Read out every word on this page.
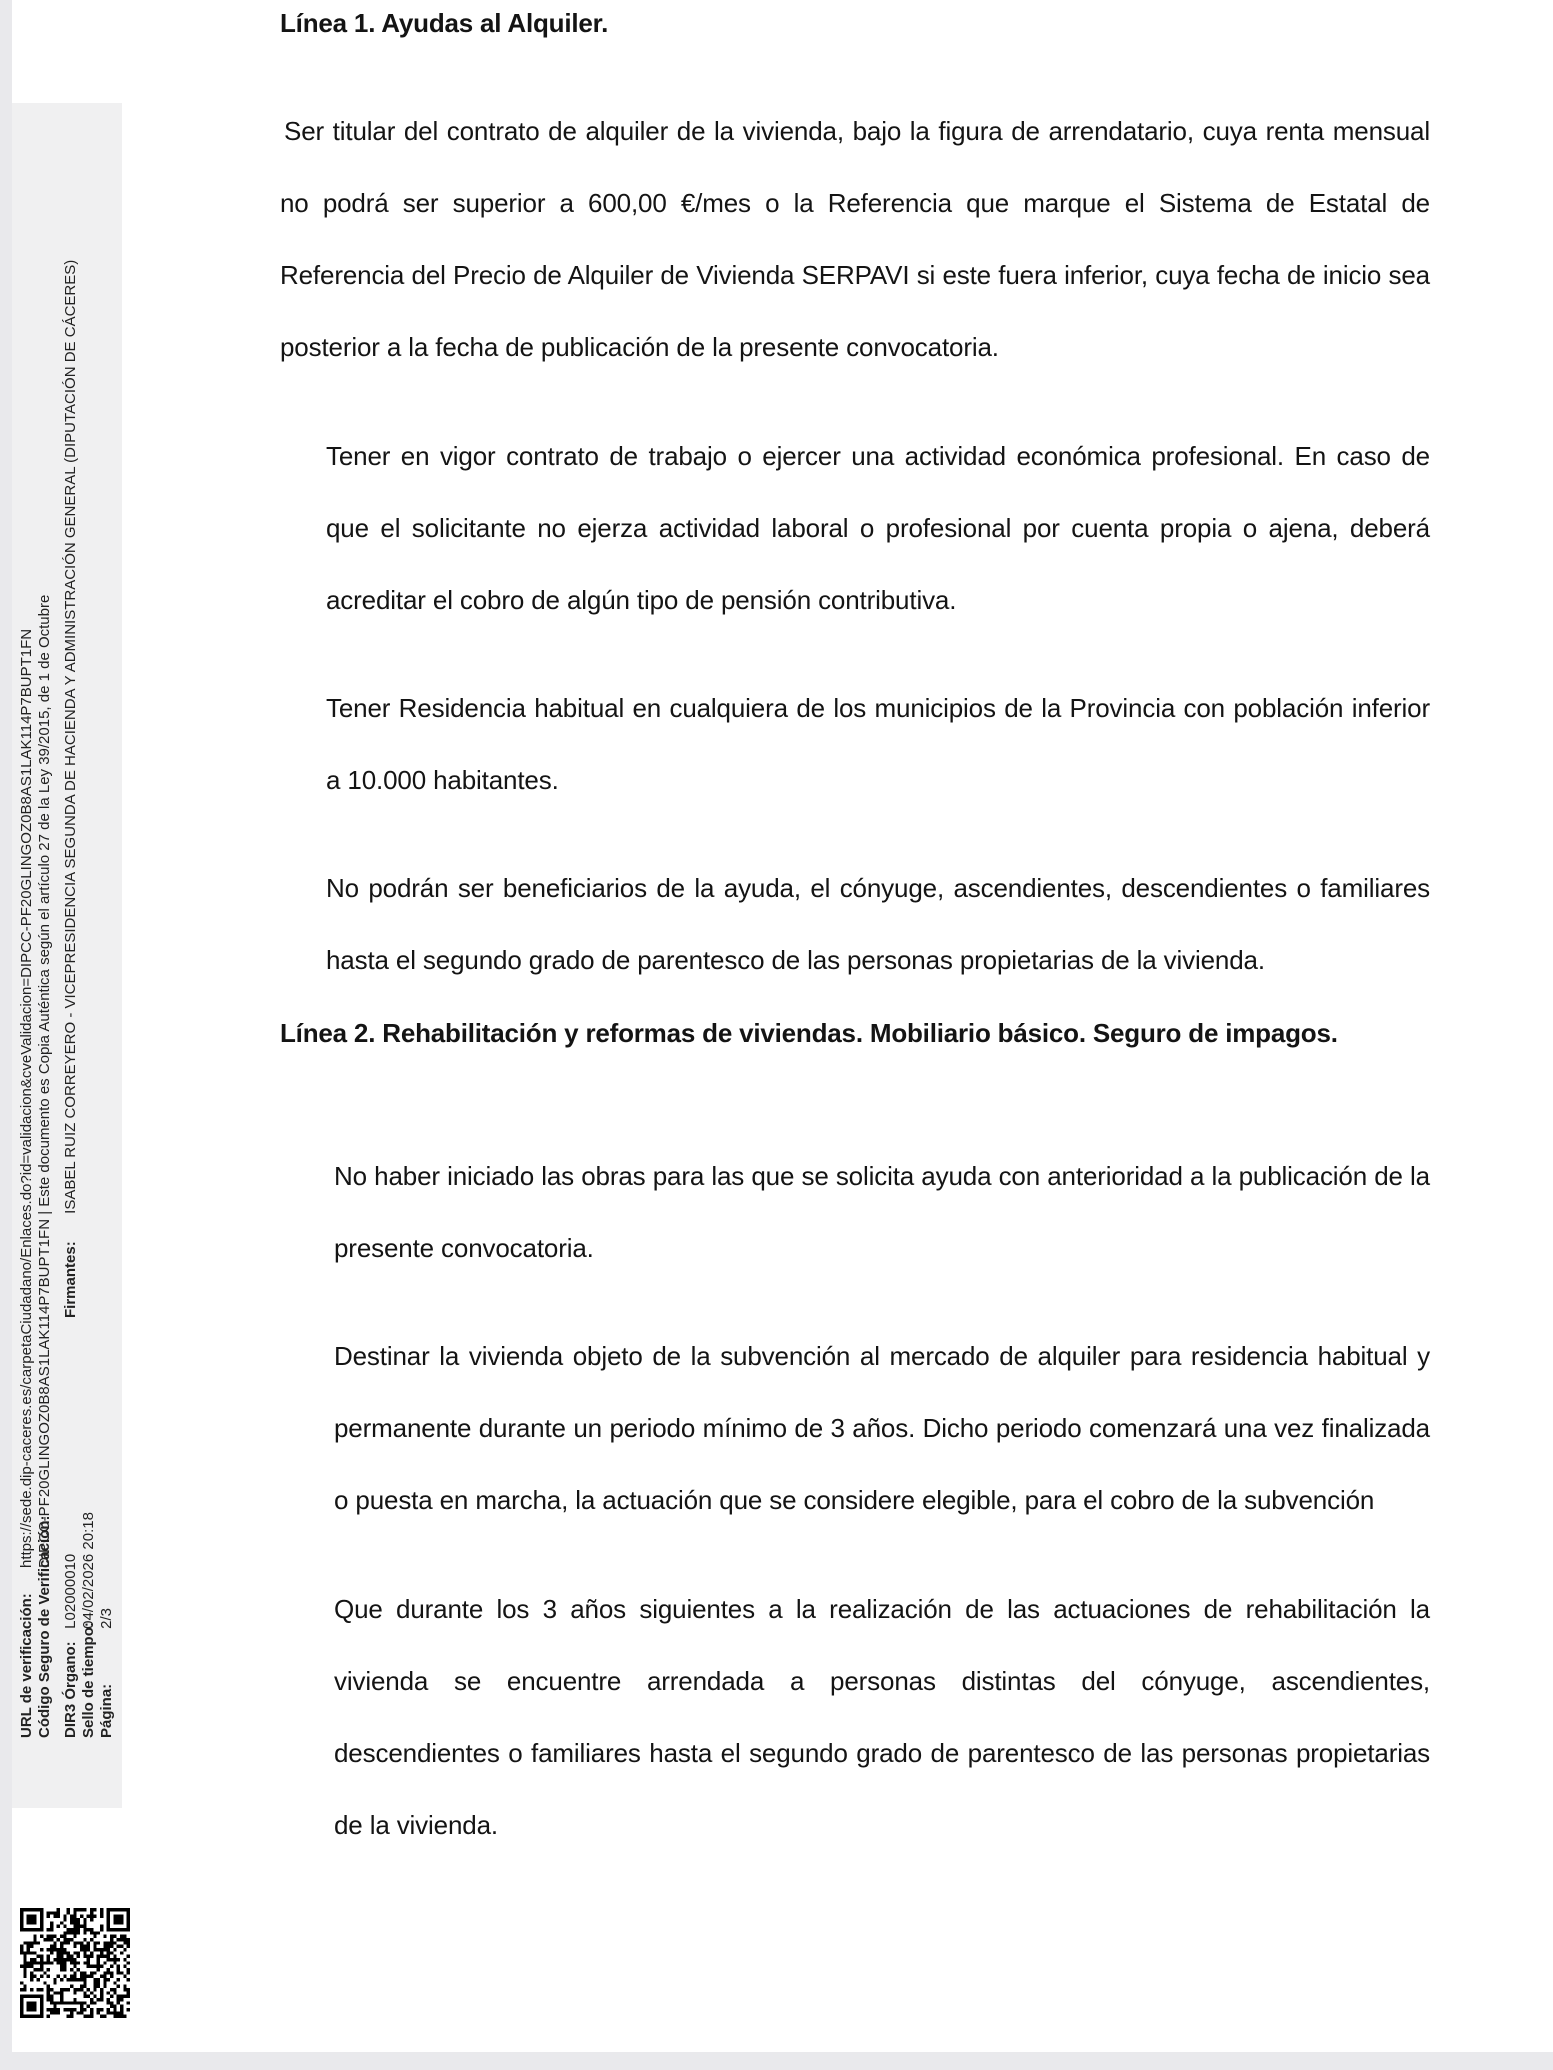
URL de verificación:
https://sede.dip-caceres.es/carpetaCiudadano/Enlaces.do?id=validacion&cveValidacion=DIPCC-PF20GLINGOZ0B8AS1LAK114P7BUPT1FN
Código Seguro de Verificación:
DIPCC-PF20GLINGOZ0B8AS1LAK114P7BUPT1FN | Este documento es Copia Auténtica según el artículo 27 de la Ley 39/2015, de 1 de Octubre
DIR3 Órgano: L02000010
Sello de tiempo: 04/02/2026 20:18
Página: 2/3
Firmantes: ISABEL RUIZ CORREYERO - VICEPRESIDENCIA SEGUNDA DE HACIENDA Y ADMINISTRACIÓN GENERAL (DIPUTACIÓN DE CÁCERES)
Línea 1. Ayudas al Alquiler.

Ser titular del contrato de alquiler de la vivienda, bajo la figura de arrendatario, cuya renta mensual no podrá ser superior a 600,00 €/mes o la Referencia que marque el Sistema de Estatal de Referencia del Precio de Alquiler de Vivienda SERPAVI si este fuera inferior, cuya fecha de inicio sea posterior a la fecha de publicación de la presente convocatoria.

Tener en vigor contrato de trabajo o ejercer una actividad económica profesional. En caso de que el solicitante no ejerza actividad laboral o profesional por cuenta propia o ajena, deberá acreditar el cobro de algún tipo de pensión contributiva.

Tener Residencia habitual en cualquiera de los municipios de la Provincia con población inferior a 10.000 habitantes.

No podrán ser beneficiarios de la ayuda, el cónyuge, ascendientes, descendientes o familiares hasta el segundo grado de parentesco de las personas propietarias de la vivienda.

Línea 2. Rehabilitación y reformas de viviendas. Mobiliario básico. Seguro de impagos.

No haber iniciado las obras para las que se solicita ayuda con anterioridad a la publicación de la presente convocatoria.

Destinar la vivienda objeto de la subvención al mercado de alquiler para residencia habitual y permanente durante un periodo mínimo de 3 años. Dicho periodo comenzará una vez finalizada o puesta en marcha, la actuación que se considere elegible, para el cobro de la subvención

Que durante los 3 años siguientes a la realización de las actuaciones de rehabilitación la vivienda se encuentre arrendada a personas distintas del cónyuge, ascendientes, descendientes o familiares hasta el segundo grado de parentesco de las personas propietarias de la vivienda.
